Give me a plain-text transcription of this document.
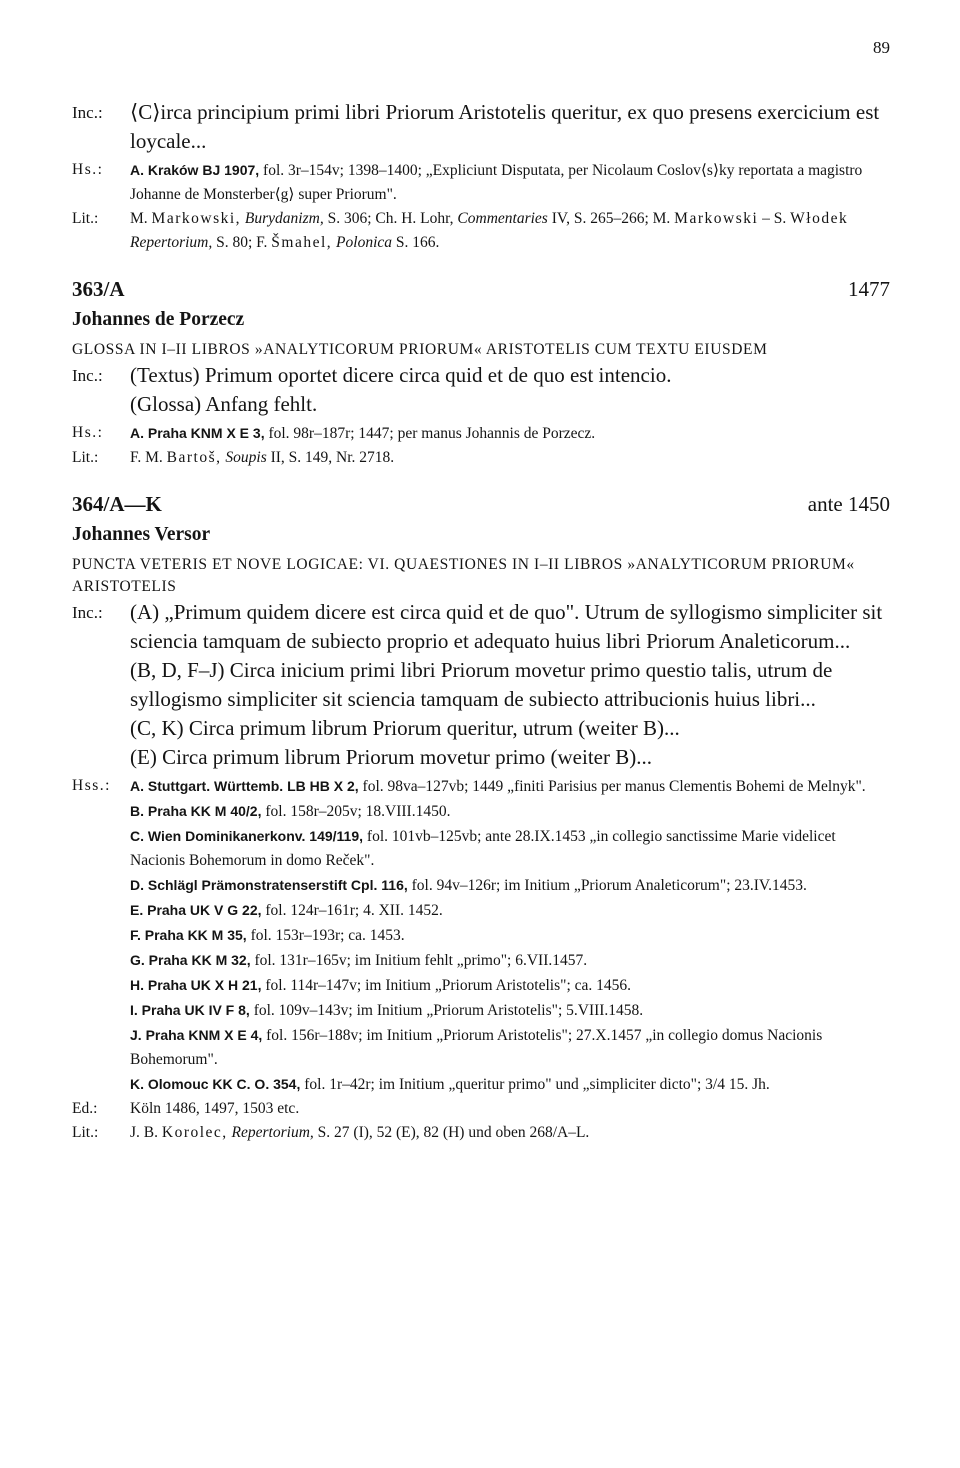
89
Inc.:	⟨C⟩irca principium primi libri Priorum Aristotelis queritur, ex quo presens exercicium est loycale...
Hs.:	A. Kraków BJ 1907, fol. 3r–154v; 1398–1400; „Expliciunt Disputata, per Nicolaum Coslov⟨s⟩ky reportata a magistro Johanne de Monsterber⟨g⟩ super Priorum".
Lit.:	M. Markowski, Burydanizm, S. 306; Ch. H. Lohr, Commentaries IV, S. 265–266; M. Markowski – S. Włodek Repertorium, S. 80; F. Šmahel, Polonica S. 166.
363/A	1477
Johannes de Porzecz
GLOSSA IN I–II LIBROS »ANALYTICORUM PRIORUM« ARISTOTELIS CUM TEXTU EIUSDEM
Inc.:	(Textus) Primum oportet dicere circa quid et de quo est intencio.
(Glossa) Anfang fehlt.
Hs.:	A. Praha KNM X E 3, fol. 98r–187r; 1447; per manus Johannis de Porzecz.
Lit.:	F. M. Bartoš, Soupis II, S. 149, Nr. 2718.
364/A—K	ante 1450
Johannes Versor
PUNCTA VETERIS ET NOVE LOGICAE: VI. QUAESTIONES IN I–II LIBROS »ANALYTICORUM PRIORUM« ARISTOTELIS
Inc.:	(A) „Primum quidem dicere est circa quid et de quo". Utrum de syllogismo simpliciter sit sciencia tamquam de subiecto proprio et adequato huius libri Priorum Analeticorum...
(B, D, F–J) Circa inicium primi libri Priorum movetur primo questio talis, utrum de syllogismo simpliciter sit sciencia tamquam de subiecto attribucionis huius libri...
(C, K) Circa primum librum Priorum queritur, utrum (weiter B)...
(E) Circa primum librum Priorum movetur primo (weiter B)...
Hss.:	A. Stuttgart. Württemb. LB HB X 2, fol. 98va–127vb; 1449 „finiti Parisius per manus Clementis Bohemi de Melnyk".
B. Praha KK M 40/2, fol. 158r–205v; 18.VIII.1450.
C. Wien Dominikanerkonv. 149/119, fol. 101vb–125vb; ante 28.IX.1453 „in collegio sanctissime Marie videlicet Nacionis Bohemorum in domo Reček".
D. Schlägl Prämonstratenserstift Cpl. 116, fol. 94v–126r; im Initium „Priorum Analeticorum"; 23.IV.1453.
E. Praha UK V G 22, fol. 124r–161r; 4. XII. 1452.
F. Praha KK M 35, fol. 153r–193r; ca. 1453.
G. Praha KK M 32, fol. 131r–165v; im Initium fehlt „primo"; 6.VII.1457.
H. Praha UK X H 21, fol. 114r–147v; im Initium „Priorum Aristotelis"; ca. 1456.
I. Praha UK IV F 8, fol. 109v–143v; im Initium „Priorum Aristotelis"; 5.VIII.1458.
J. Praha KNM X E 4, fol. 156r–188v; im Initium „Priorum Aristotelis"; 27.X.1457 „in collegio domus Nacionis Bohemorum".
K. Olomouc KK C. O. 354, fol. 1r–42r; im Initium „queritur primo" und „simpliciter dicto"; 3/4 15. Jh.
Ed.:	Köln 1486, 1497, 1503 etc.
Lit.:	J. B. Korolec, Repertorium, S. 27 (I), 52 (E), 82 (H) und oben 268/A–L.
